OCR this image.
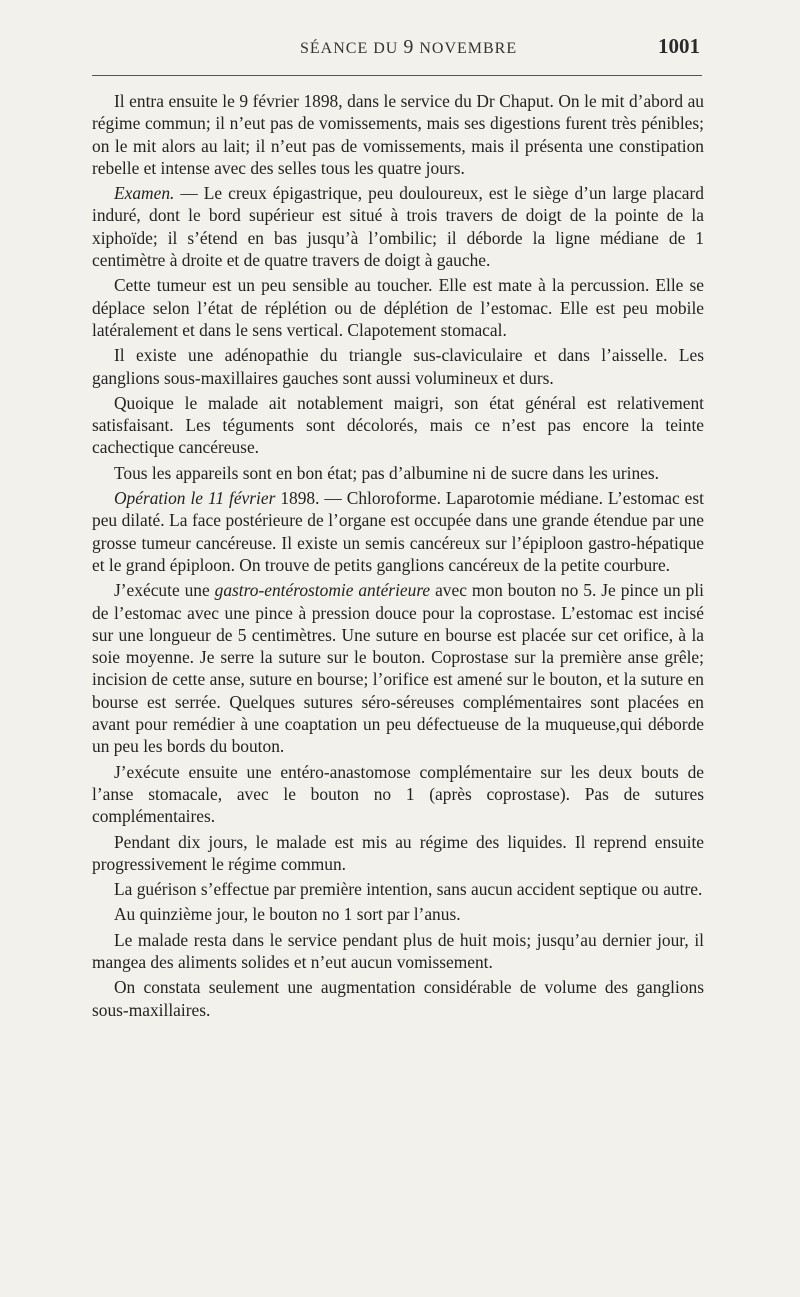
SÉANCE DU 9 NOVEMBRE	1001

Il entra ensuite le 9 février 1898, dans le service du Dr Chaput. On le mit d’abord au régime commun; il n’eut pas de vomissements, mais ses digestions furent très pénibles; on le mit alors au lait; il n’eut pas de vomissements, mais il présenta une constipation rebelle et intense avec des selles tous les quatre jours.

Examen. — Le creux épigastrique, peu douloureux, est le siège d’un large placard induré, dont le bord supérieur est situé à trois travers de doigt de la pointe de la xiphoïde; il s’étend en bas jusqu’à l’ombilic; il déborde la ligne médiane de 1 centimètre à droite et de quatre travers de doigt à gauche.

Cette tumeur est un peu sensible au toucher. Elle est mate à la percussion. Elle se déplace selon l’état de réplétion ou de déplétion de l’estomac. Elle est peu mobile latéralement et dans le sens vertical. Clapotement stomacal.

Il existe une adénopathie du triangle sus-claviculaire et dans l’aisselle. Les ganglions sous-maxillaires gauches sont aussi volumineux et durs.

Quoique le malade ait notablement maigri, son état général est relativement satisfaisant. Les téguments sont décolorés, mais ce n’est pas encore la teinte cachectique cancéreuse.

Tous les appareils sont en bon état; pas d’albumine ni de sucre dans les urines.

Opération le 11 février 1898. — Chloroforme. Laparotomie médiane. L’estomac est peu dilaté. La face postérieure de l’organe est occupée dans une grande étendue par une grosse tumeur cancéreuse. Il existe un semis cancéreux sur l’épiploon gastro-hépatique et le grand épiploon. On trouve de petits ganglions cancéreux de la petite courbure.

J’exécute une gastro-entérostomie antérieure avec mon bouton no 5. Je pince un pli de l’estomac avec une pince à pression douce pour la coprostase. L’estomac est incisé sur une longueur de 5 centimètres. Une suture en bourse est placée sur cet orifice, à la soie moyenne. Je serre la suture sur le bouton. Coprostase sur la première anse grêle; incision de cette anse, suture en bourse; l’orifice est amené sur le bouton, et la suture en bourse est serrée. Quelques sutures séro-séreuses complémentaires sont placées en avant pour remédier à une coaptation un peu défectueuse de la muqueuse,qui déborde un peu les bords du bouton.

J’exécute ensuite une entéro-anastomose complémentaire sur les deux bouts de l’anse stomacale, avec le bouton no 1 (après coprostase). Pas de sutures complémentaires.

Pendant dix jours, le malade est mis au régime des liquides. Il reprend ensuite progressivement le régime commun.

La guérison s’effectue par première intention, sans aucun accident septique ou autre.

Au quinzième jour, le bouton no 1 sort par l’anus.

Le malade resta dans le service pendant plus de huit mois; jusqu’au dernier jour, il mangea des aliments solides et n’eut aucun vomissement.

On constata seulement une augmentation considérable de volume des ganglions sous-maxillaires.
